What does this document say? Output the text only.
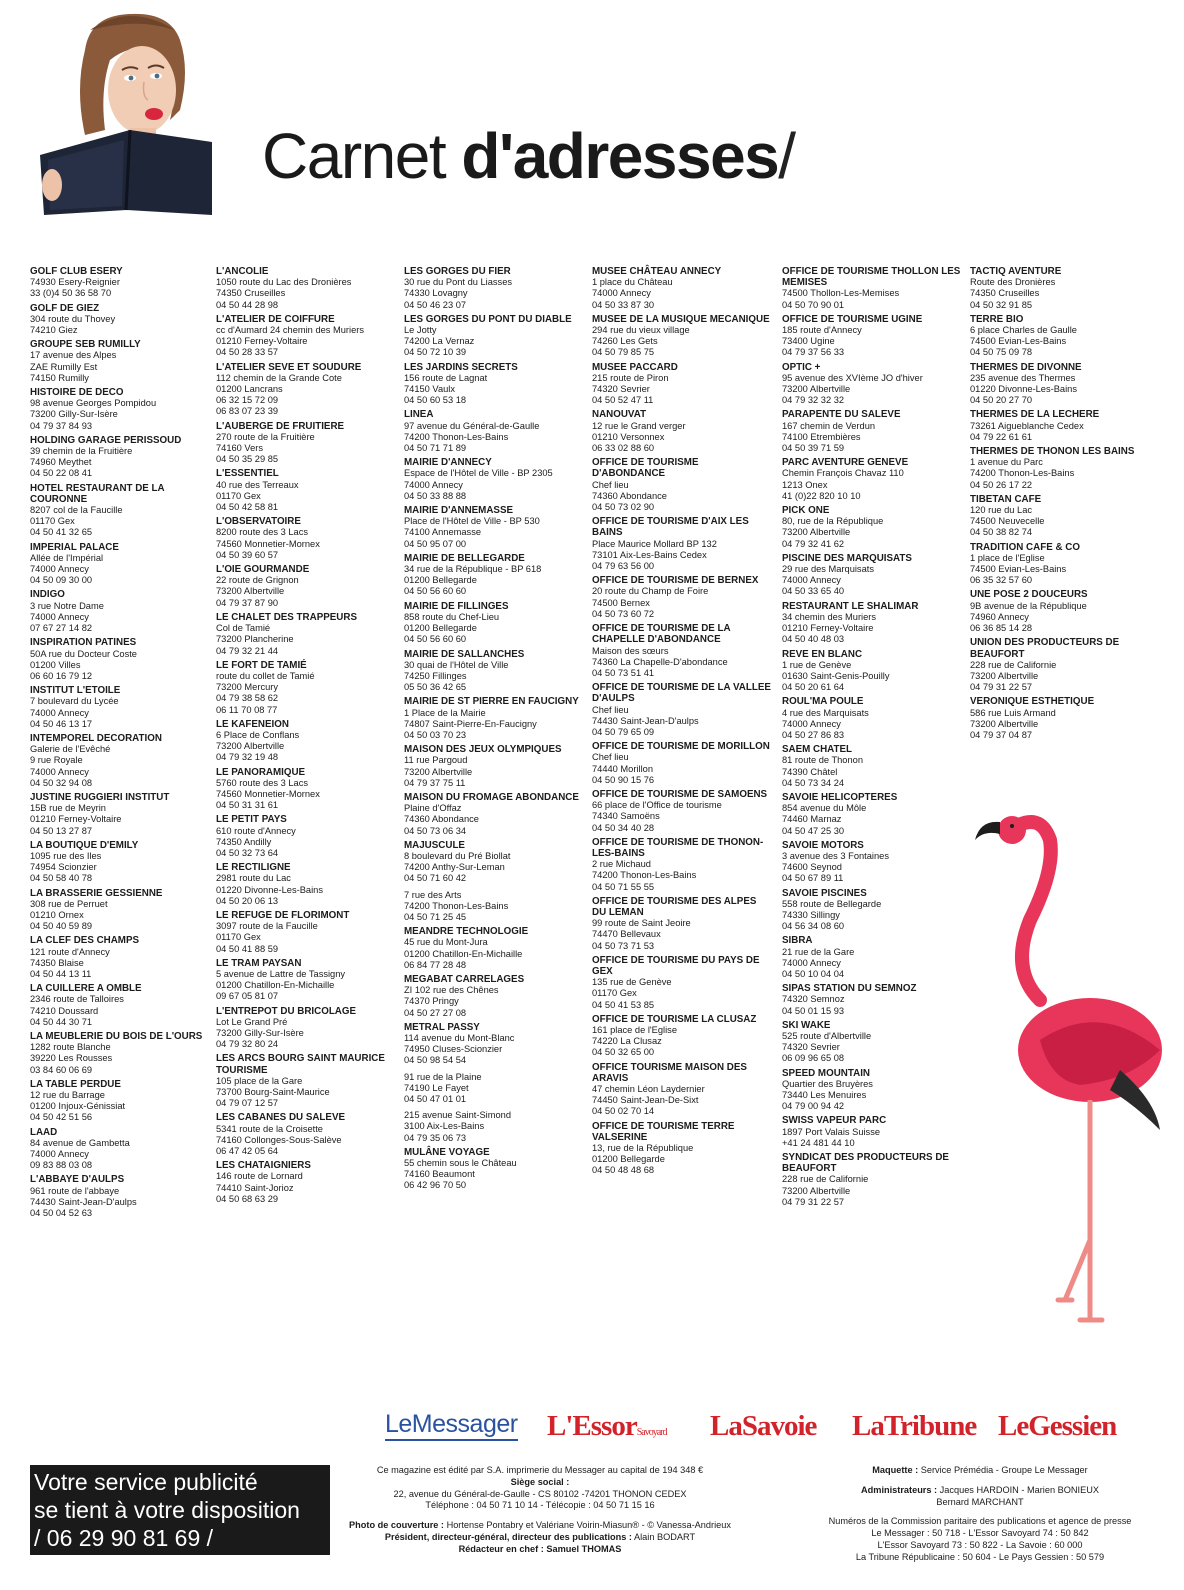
Carnet d'adresses/
GOLF CLUB ESERY
74930 Esery-Reignier
33 (0)4 50 36 58 70
GOLF DE GIEZ
304 route du Thovey
74210 Giez
GROUPE SEB RUMILLY
17 avenue des Alpes
ZAE Rumilly Est
74150 Rumilly
HISTOIRE DE DECO
98 avenue Georges Pompidou
73200 Gilly-Sur-Isère
04 79 37 84 93
HOLDING GARAGE PERISSOUD
39 chemin de la Fruitière
74960 Meythet
04 50 22 08 41
HOTEL RESTAURANT DE LA COURONNE
8207 col de la Faucille
01170 Gex
04 50 41 32 65
IMPERIAL PALACE
Allée de l'Impérial
74000 Annecy
04 50 09 30 00
INDIGO
3 rue Notre Dame
74000 Annecy
07 67 27 14 82
INSPIRATION PATINES
50A rue du Docteur Coste
01200 Villes
06 60 16 79 12
INSTITUT L'ETOILE
7 boulevard du Lycée
74000 Annecy
04 50 46 13 17
INTEMPOREL DECORATION
Galerie de l'Evêché
9 rue Royale
74000 Annecy
04 50 32 94 08
JUSTINE RUGGIERI INSTITUT
15B rue de Meyrin
01210 Ferney-Voltaire
04 50 13 27 87
LA BOUTIQUE D'EMILY
1095 rue des Iles
74954 Scionzier
04 50 58 40 78
LA BRASSERIE GESSIENNE
308 rue de Perruet
01210 Ornex
04 50 40 59 89
LA CLEF DES CHAMPS
121 route d'Annecy
74350 Blaise
04 50 44 13 11
LA CUILLERE A OMBLE
2346 route de Talloires
74210 Doussard
04 50 44 30 71
LA MEUBLERIE DU BOIS DE L'OURS
1282 route Blanche
39220 Les Rousses
03 84 60 06 69
LA TABLE PERDUE
12 rue du Barrage
01200 Injoux-Génissiat
04 50 42 51 56
LAAD
84 avenue de Gambetta
74000 Annecy
09 83 88 03 08
L'ABBAYE D'AULPS
961 route de l'abbaye
74430 Saint-Jean-D'aulps
04 50 04 52 63
L'ANCOLIE
1050 route du Lac des Dronières
74350 Cruseilles
04 50 44 28 98
L'ATELIER DE COIFFURE
cc d'Aumard 24 chemin des Muriers
01210 Ferney-Voltaire
04 50 28 33 57
L'ATELIER SEVE ET SOUDURE
112 chemin de la Grande Cote
01200 Lancrans
06 32 15 72 09
06 83 07 23 39
L'AUBERGE DE FRUITIERE
270 route de la Fruitière
74160 Vers
04 50 35 29 85
L'ESSENTIEL
40 rue des Terreaux
01170 Gex
04 50 42 58 81
L'OBSERVATOIRE
8200 route des 3 Lacs
74560 Monnetier-Mornex
04 50 39 60 57
L'OIE GOURMANDE
22 route de Grignon
73200 Albertville
04 79 37 87 90
LE CHALET DES TRAPPEURS
Col de Tamié
73200 Plancherine
04 79 32 21 44
LE FORT DE TAMIÉ
route du collet de Tamié
73200 Mercury
04 79 38 58 62
06 11 70 08 77
LE KAFENEION
6 Place de Conflans
73200 Albertville
04 79 32 19 48
LE PANORAMIQUE
5760 route des 3 Lacs
74560 Monnetier-Mornex
04 50 31 31 61
LE PETIT PAYS
610 route d'Annecy
74350 Andilly
04 50 32 73 64
LE RECTILIGNE
2981 route du Lac
01220 Divonne-Les-Bains
04 50 20 06 13
LE REFUGE DE FLORIMONT
3097 route de la Faucille
01170 Gex
04 50 41 88 59
LE TRAM PAYSAN
5 avenue de Lattre de Tassigny
01200 Chatillon-En-Michaille
09 67 05 81 07
L'ENTREPOT DU BRICOLAGE
Lot Le Grand Pré
73200 Gilly-Sur-Isère
04 79 32 80 24
LES ARCS BOURG SAINT MAURICE TOURISME
105 place de la Gare
73700 Bourg-Saint-Maurice
04 79 07 12 57
LES CABANES DU SALEVE
5341 route de la Croisette
74160 Collonges-Sous-Salève
06 47 42 05 64
LES CHATAIGNIERS
146 route de Lornard
74410 Saint-Jorioz
04 50 68 63 29
LES GORGES DU FIER
30 rue du Pont du Liasses
74330 Lovagny
04 50 46 23 07
LES GORGES DU PONT DU DIABLE
Le Jotty
74200 La Vernaz
04 50 72 10 39
LES JARDINS SECRETS
156 route de Lagnat
74150 Vaulx
04 50 60 53 18
LINEA
97 avenue du Général-de-Gaulle
74200 Thonon-Les-Bains
04 50 71 71 89
MAIRIE D'ANNECY
Espace de l'Hôtel de Ville - BP 2305
74000 Annecy
04 50 33 88 88
MAIRIE D'ANNEMASSE
Place de l'Hôtel de Ville - BP 530
74100 Annemasse
04 50 95 07 00
MAIRIE DE BELLEGARDE
34 rue de la République - BP 618
01200 Bellegarde
04 50 56 60 60
MAIRIE DE FILLINGES
858 route du Chef-Lieu
01200 Bellegarde
04 50 56 60 60
MAIRIE DE SALLANCHES
30 quai de l'Hôtel de Ville
74250 Fillinges
05 50 36 42 65
MAIRIE DE ST PIERRE EN FAUCIGNY
1 Place de la Mairie
74807 Saint-Pierre-En-Faucigny
04 50 03 70 23
MAISON DES JEUX OLYMPIQUES
11 rue Pargoud
73200 Albertville
04 79 37 75 11
MAISON DU FROMAGE ABONDANCE
Plaine d'Offaz
74360 Abondance
04 50 73 06 34
MAJUSCULE
8 boulevard du Pré Biollat
74200 Anthy-Sur-Leman
04 50 71 60 42
7 rue des Arts
74200 Thonon-Les-Bains
04 50 71 25 45
MEANDRE TECHNOLOGIE
45 rue du Mont-Jura
01200 Chatillon-En-Michaille
06 84 77 28 48
MEGABAT CARRELAGES
ZI 102 rue des Chênes
74370 Pringy
04 50 27 27 08
METRAL PASSY
114 avenue du Mont-Blanc
74950 Cluses-Scionzier
04 50 98 54 54
91 rue de la Plaine
74190 Le Fayet
04 50 47 01 01
215 avenue Saint-Simond
3100 Aix-Les-Bains
04 79 35 06 73
MULÂNE VOYAGE
55 chemin sous le Château
74160 Beaumont
06 42 96 70 50
MUSEE CHÂTEAU ANNECY
1 place du Château
74000 Annecy
04 50 33 87 30
MUSEE DE LA MUSIQUE MECANIQUE
294 rue du vieux village
74260 Les Gets
04 50 79 85 75
MUSEE PACCARD
215 route de Piron
74320 Sevrier
04 50 52 47 11
NANOUVAT
12 rue le Grand verger
01210 Versonnex
06 33 02 88 60
OFFICE DE TOURISME D'ABONDANCE
Chef lieu
74360 Abondance
04 50 73 02 90
OFFICE DE TOURISME D'AIX LES BAINS
Place Maurice Mollard BP 132
73101 Aix-Les-Bains Cedex
04 79 63 56 00
OFFICE DE TOURISME DE BERNEX
20 route du Champ de Foire
74500 Bernex
04 50 73 60 72
OFFICE DE TOURISME DE LA CHAPELLE D'ABONDANCE
Maison des sœurs
74360 La Chapelle-D'abondance
04 50 73 51 41
OFFICE DE TOURISME DE LA VALLEE D'AULPS
Chef lieu
74430 Saint-Jean-D'aulps
04 50 79 65 09
OFFICE DE TOURISME DE MORILLON
Chef lieu
74440 Morillon
04 50 90 15 76
OFFICE DE TOURISME DE SAMOENS
66 place de l'Office de tourisme
74340 Samoëns
04 50 34 40 28
OFFICE DE TOURISME DE THONON-LES-BAINS
2 rue Michaud
74200 Thonon-Les-Bains
04 50 71 55 55
OFFICE DE TOURISME DES ALPES DU LEMAN
99 route de Saint Jeoire
74470 Bellevaux
04 50 73 71 53
OFFICE DE TOURISME DU PAYS DE GEX
135 rue de Genève
01170 Gex
04 50 41 53 85
OFFICE DE TOURISME LA CLUSAZ
161 place de l'Eglise
74220 La Clusaz
04 50 32 65 00
OFFICE TOURISME MAISON DES ARAVIS
47 chemin Léon Laydernier
74450 Saint-Jean-De-Sixt
04 50 02 70 14
OFFICE DE TOURISME TERRE VALSERINE
13, rue de la République
01200 Bellegarde
04 50 48 48 68
OFFICE DE TOURISME THOLLON LES MEMISES
74500 Thollon-Les-Memises
04 50 70 90 01
OFFICE DE TOURISME UGINE
185 route d'Annecy
73400 Ugine
04 79 37 56 33
OPTIC +
95 avenue des XVIème JO d'hiver
73200 Albertville
04 79 32 32 32
PARAPENTE DU SALEVE
167 chemin de Verdun
74100 Etrembières
04 50 39 71 59
PARC AVENTURE GENEVE
Chemin François Chavaz 110
1213 Onex
41 (0)22 820 10 10
PICK ONE
80, rue de la République
73200 Albertville
04 79 32 41 62
PISCINE DES MARQUISATS
29 rue des Marquisats
74000 Annecy
04 50 33 65 40
RESTAURANT LE SHALIMAR
34 chemin des Muriers
01210 Ferney-Voltaire
04 50 40 48 03
REVE EN BLANC
1 rue de Genève
01630 Saint-Genis-Pouilly
04 50 20 61 64
ROUL'MA POULE
4 rue des Marquisats
74000 Annecy
04 50 27 86 83
SAEM CHATEL
81 route de Thonon
74390 Châtel
04 50 73 34 24
SAVOIE HELICOPTERES
854 avenue du Môle
74460 Marnaz
04 50 47 25 30
SAVOIE MOTORS
3 avenue des 3 Fontaines
74600 Seynod
04 50 67 89 11
SAVOIE PISCINES
558 route de Bellegarde
74330 Sillingy
04 56 34 08 60
SIBRA
21 rue de la Gare
74000 Annecy
04 50 10 04 04
SIPAS STATION DU SEMNOZ
74320 Semnoz
04 50 01 15 93
SKI WAKE
525 route d'Albertville
74320 Sevrier
06 09 96 65 08
SPEED MOUNTAIN
Quartier des Bruyères
73440 Les Menuires
04 79 00 94 42
SWISS VAPEUR PARC
1897 Port Valais Suisse
+41 24 481 44 10
SYNDICAT DES PRODUCTEURS DE BEAUFORT
228 rue de Californie
73200 Albertville
04 79 31 22 57
TACTIQ AVENTURE
Route des Dronières
74350 Cruseilles
04 50 32 91 85
TERRE BIO
6 place Charles de Gaulle
74500 Evian-Les-Bains
04 50 75 09 78
THERMES DE DIVONNE
235 avenue des Thermes
01220 Divonne-Les-Bains
04 50 20 27 70
THERMES DE LA LECHERE
73261 Aigueblanche Cedex
04 79 22 61 61
THERMES DE THONON LES BAINS
1 avenue du Parc
74200 Thonon-Les-Bains
04 50 26 17 22
TIBETAN CAFE
120 rue du Lac
74500 Neuvecelle
04 50 38 82 74
TRADITION CAFE & CO
1 place de l'Eglise
74500 Evian-Les-Bains
06 35 32 57 60
UNE POSE 2 DOUCEURS
9B avenue de la République
74960 Annecy
06 36 85 14 28
UNION DES PRODUCTEURS DE BEAUFORT
228 rue de Californie
73200 Albertville
04 79 31 22 57
VERONIQUE ESTHETIQUE
586 rue Luis Armand
73200 Albertville
04 79 37 04 87
LeMessager L'EssorSavoyard LaSavoie LaTribune LeGessien
Votre service publicité
se tient à votre disposition
/ 06 29 90 81 69 /
Ce magazine est édité par S.A. imprimerie du Messager au capital de 194 348 €
Siège social :
22, avenue du Général-de-Gaulle - CS 80102 -74201 THONON CEDEX
Téléphone : 04 50 71 10 14 - Télécopie : 04 50 71 15 16
Photo de couverture : Hortense Pontabry et Valériane Voirin-Miasun® - © Vanessa-Andrieux
Président, directeur-général, directeur des publications : Alain BODART
Rédacteur en chef : Samuel THOMAS
Maquette : Service Prémédia - Groupe Le Messager
Administrateurs : Jacques HARDOIN - Marien BONIEUX
Bernard MARCHANT
Numéros de la Commission paritaire des publications et agence de presse
Le Messager : 50 718 - L'Essor Savoyard 74 : 50 842
L'Essor Savoyard 73 : 50 822 - La Savoie : 60 000
La Tribune Républicaine : 50 604 - Le Pays Gessien : 50 579
